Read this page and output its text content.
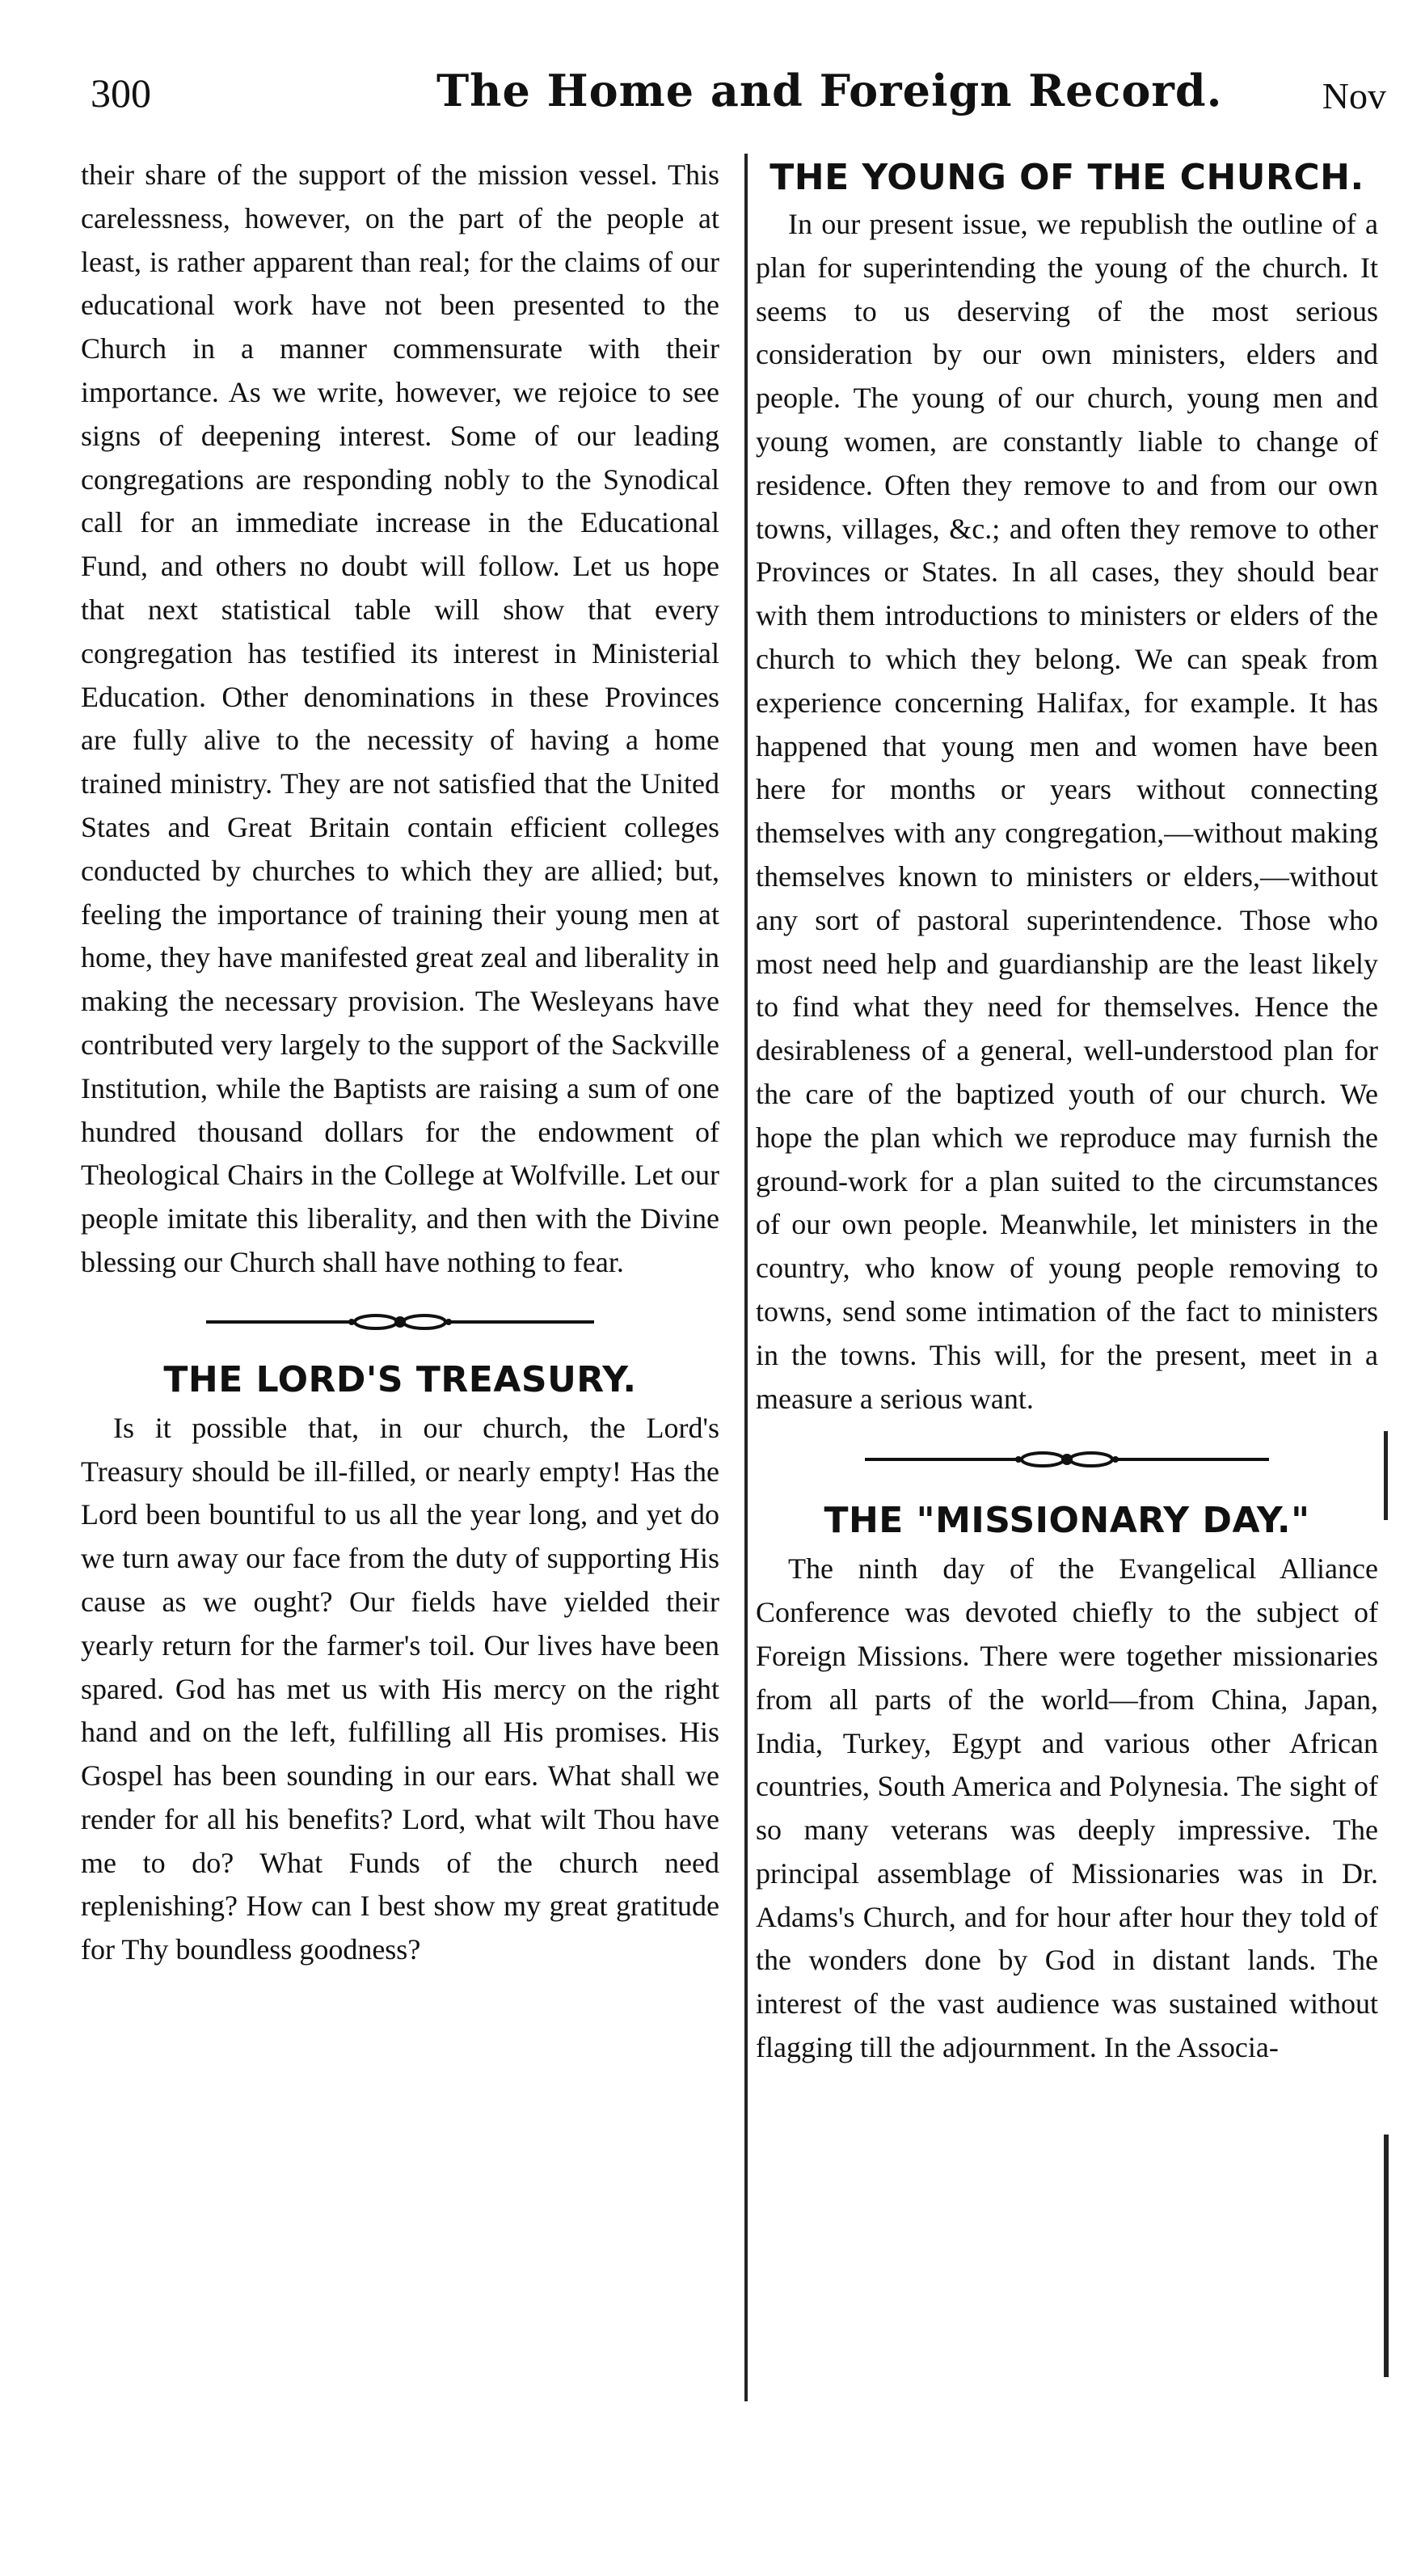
300	The Home and Foreign Record.	Nov

their share of the support of the mission vessel. This carelessness, however, on the part of the people at least, is rather apparent than real; for the claims of our educational work have not been presented to the Church in a manner commensurate with their importance. As we write, however, we rejoice to see signs of deepening interest. Some of our leading congregations are responding nobly to the Synodical call for an immediate increase in the Educational Fund, and others no doubt will follow. Let us hope that next statistical table will show that every congregation has testified its interest in Ministerial Education. Other denominations in these Provinces are fully alive to the necessity of having a home trained ministry. They are not satisfied that the United States and Great Britain contain efficient colleges conducted by churches to which they are allied; but, feeling the importance of training their young men at home, they have manifested great zeal and liberality in making the necessary provision. The Wesleyans have contributed very largely to the support of the Sackville Institution, while the Baptists are raising a sum of one hundred thousand dollars for the endowment of Theological Chairs in the College at Wolfville. Let our people imitate this liberality, and then with the Divine blessing our Church shall have nothing to fear.

THE LORD'S TREASURY.

Is it possible that, in our church, the Lord's Treasury should be ill-filled, or nearly empty! Has the Lord been bountiful to us all the year long, and yet do we turn away our face from the duty of supporting His cause as we ought? Our fields have yielded their yearly return for the farmer's toil. Our lives have been spared. God has met us with His mercy on the right hand and on the left, fulfilling all His promises. His Gospel has been sounding in our ears. What shall we render for all his benefits? Lord, what wilt Thou have me to do? What Funds of the church need replenishing? How can I best show my great gratitude for Thy boundless goodness?

THE YOUNG OF THE CHURCH.

In our present issue, we republish the outline of a plan for superintending the young of the church. It seems to us deserving of the most serious consideration by our own ministers, elders and people. The young of our church, young men and young women, are constantly liable to change of residence. Often they remove to and from our own towns, villages, &c.; and often they remove to other Provinces or States. In all cases, they should bear with them introductions to ministers or elders of the church to which they belong. We can speak from experience concerning Halifax, for example. It has happened that young men and women have been here for months or years without connecting themselves with any congregation,—without making themselves known to ministers or elders,—without any sort of pastoral superintendence. Those who most need help and guardianship are the least likely to find what they need for themselves. Hence the desirableness of a general, well-understood plan for the care of the baptized youth of our church. We hope the plan which we reproduce may furnish the ground-work for a plan suited to the circumstances of our own people. Meanwhile, let ministers in the country, who know of young people removing to towns, send some intimation of the fact to ministers in the towns. This will, for the present, meet in a measure a serious want.

THE "MISSIONARY DAY."

The ninth day of the Evangelical Alliance Conference was devoted chiefly to the subject of Foreign Missions. There were together missionaries from all parts of the world—from China, Japan, India, Turkey, Egypt and various other African countries, South America and Polynesia. The sight of so many veterans was deeply impressive. The principal assemblage of Missionaries was in Dr. Adams's Church, and for hour after hour they told of the wonders done by God in distant lands. The interest of the vast audience was sustained without flagging till the adjournment. In the Associa-
